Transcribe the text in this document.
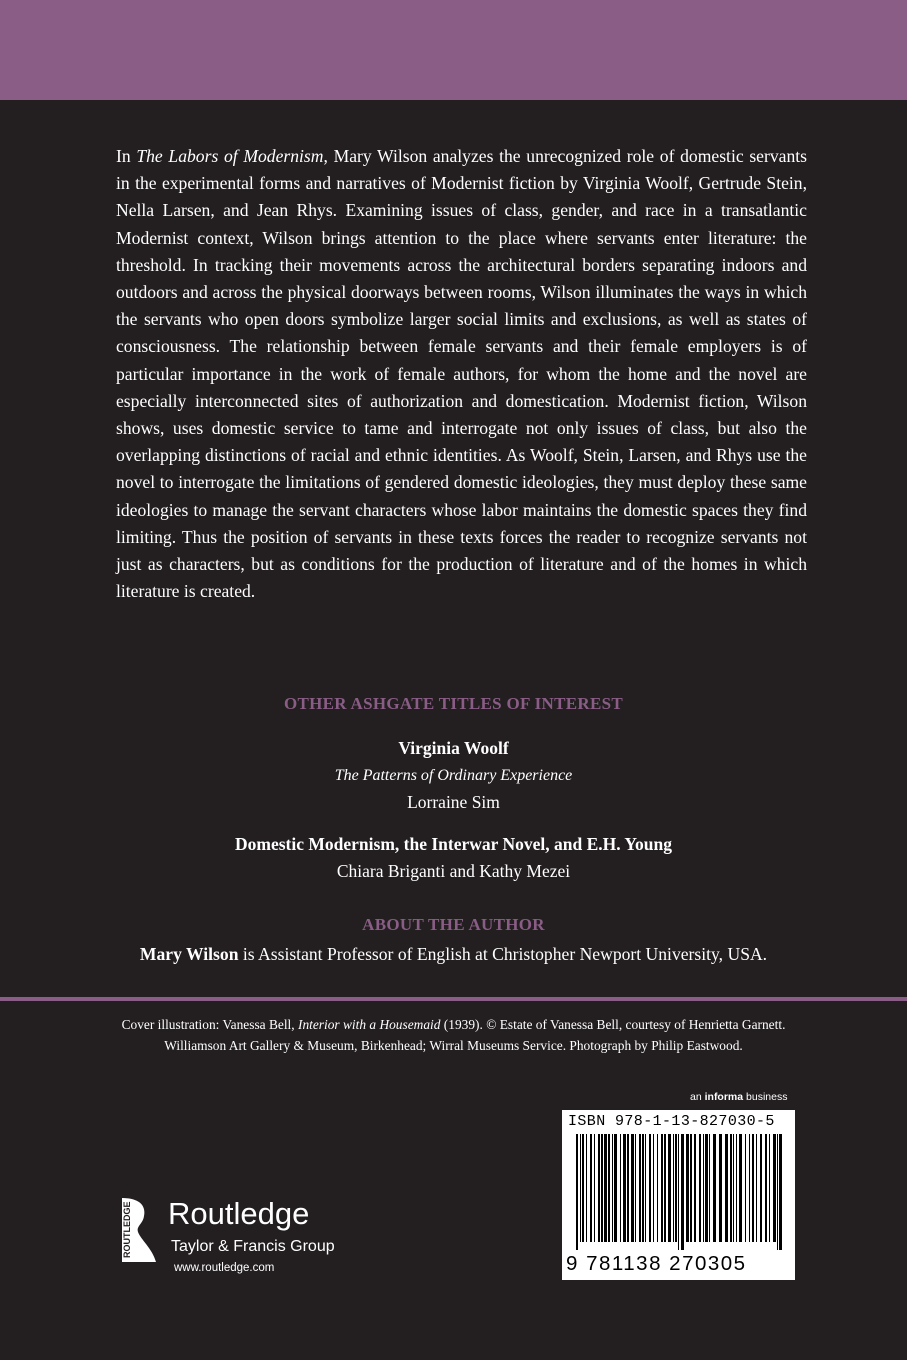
In The Labors of Modernism, Mary Wilson analyzes the unrecognized role of domestic servants in the experimental forms and narratives of Modernist fiction by Virginia Woolf, Gertrude Stein, Nella Larsen, and Jean Rhys. Examining issues of class, gender, and race in a transatlantic Modernist context, Wilson brings attention to the place where servants enter literature: the threshold. In tracking their movements across the architectural borders separating indoors and outdoors and across the physical doorways between rooms, Wilson illuminates the ways in which the servants who open doors symbolize larger social limits and exclusions, as well as states of consciousness. The relationship between female servants and their female employers is of particular importance in the work of female authors, for whom the home and the novel are especially interconnected sites of authorization and domestication. Modernist fiction, Wilson shows, uses domestic service to tame and interrogate not only issues of class, but also the overlapping distinctions of racial and ethnic identities. As Woolf, Stein, Larsen, and Rhys use the novel to interrogate the limitations of gendered domestic ideologies, they must deploy these same ideologies to manage the servant characters whose labor maintains the domestic spaces they find limiting. Thus the position of servants in these texts forces the reader to recognize servants not just as characters, but as conditions for the production of literature and of the homes in which literature is created.

OTHER ASHGATE TITLES OF INTEREST
Virginia Woolf
The Patterns of Ordinary Experience
Lorraine Sim
Domestic Modernism, the Interwar Novel, and E.H. Young
Chiara Briganti and Kathy Mezei
ABOUT THE AUTHOR
Mary Wilson is Assistant Professor of English at Christopher Newport University, USA.
Cover illustration: Vanessa Bell, Interior with a Housemaid (1939). © Estate of Vanessa Bell, courtesy of Henrietta Garnett.
Williamson Art Gallery & Museum, Birkenhead; Wirral Museums Service. Photograph by Philip Eastwood.
an informa business
ISBN 978-1-13-827030-5
9 781138 270305
ROUTLEDGE Routledge
Taylor & Francis Group
www.routledge.com
